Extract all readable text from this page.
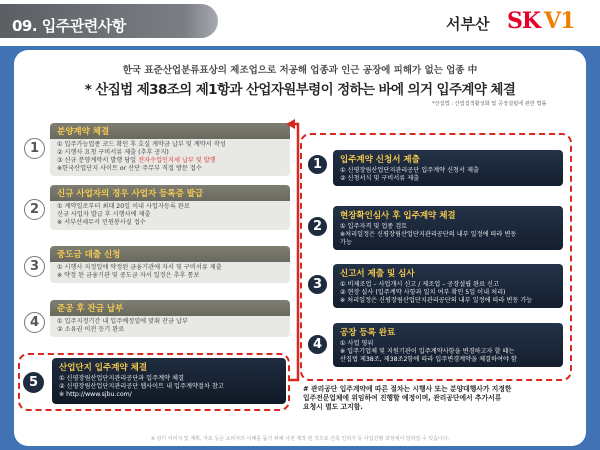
09. 입주관련사항	서부산 SK V1
한국 표준산업분류표상의 제조업으로 저공해 업종과 인근 공장에 피해가 없는 업종 中
* 산집법 제38조의 제1항과 산업자원부령이 정하는 바에 의거 입주계약 체결
*산집법 : 산업집적활성화 및 공장설립에 관한 법률
1
분양계약 체결
① 입주가능업종 코드 확인 후 호실 계약금 납부 및 계약서 작성
② 시행사 요청 구비서류 제출 (추후 공지)
③ 신규 분양계약서 발행 담일 전자수입인지세 납부 및 발행
※한국산업단지 사이트 or 산단 주무부 직접 방문 접수
2
신규 사업자의 경우 사업자 등록증 발급
① 계약일로부터 최대 20일 이내 사업자등록 완료
신규 사업자 발급 후 시행사에 제출
※ 서부산세무서 민원봉사실 접수
3
중도금 대출 신청
① 시행사 지정일에 약정된 금융기관에 자서 및 구비서류 제출
※ 약정 된 금융기관 및 중도금 자서 일정은 추후 통보
4
준공 후 잔금 납부
① 입주지정기간 내 입주예정일에 맞춰 잔금 납부
② 소유권 이전 등기 완료
5
산업단지 입주계약 체결
① 신평장림산업단지관리공단과 입주계약 체결
② 신평장림산업단지관리공단 웹사이트 내 입주계약절차 참고
※ http://www.sjbu.com/
1	입주계약 신청서 제출
① 신평장림산업단지관리공단 입주계약 신청서 제출
② 신청서식 및 구비서류 제출
2
현장확인심사 후 입주계약 체결
① 입주자격 및 업종 검토
※처리일정은 신평장림산업단지관리공단의 내부 일정에 따라 변동
가능
3
신고서 제출 및 심사
① 비제조업 – 사업개시 신고 / 제조업 – 공장설립 완료 신고
② 현장 실사 (입주계약 사항과 일치 여부 확인 5일 이내 처리)
※ 처리일정은 신평장림산업단지관리공단의 내부 일정에 따라 변동 가능
4
공장 등록 완료
① 사업 영위
※ 입주기업체 및 지원기관이 입주계약사항을 변경하고자 할 때는
산집법 제38조, 제38조2항에 따라 입주변경계약을 체결하여야 함
# 관리공단 입주계약에 따른 절차는 시행사 또는 분양대행사가 지정한
입주전문업체에 위임하여 진행할 예정이며, 관리공단에서 추가서류
요청시 별도 고지함.
※ 상기 이미지 및 계획, 자료 등은 소비자의 이해를 돕기 위해 사전 제작 된 것으로 건축 인허가 등 사업진행 과정에서 달라질 수 있습니다.
